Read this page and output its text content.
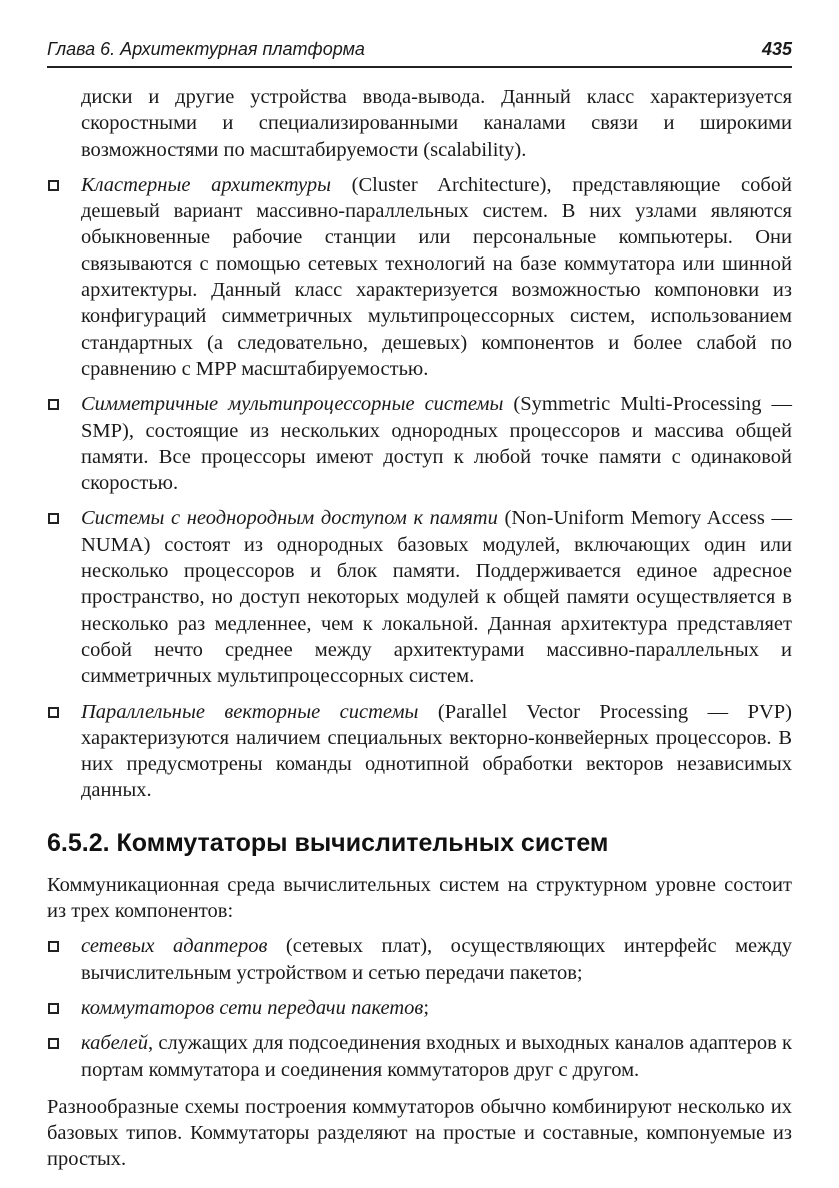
Глава 6. Архитектурная платформа	435

диски и другие устройства ввода-вывода. Данный класс характеризуется скоростными и специализированными каналами связи и широкими возможностями по масштабируемости (scalability).

Кластерные архитектуры (Cluster Architecture), представляющие собой дешевый вариант массивно-параллельных систем. В них узлами являются обыкновенные рабочие станции или персональные компьютеры. Они связываются с помощью сетевых технологий на базе коммутатора или шинной архитектуры. Данный класс характеризуется возможностью компоновки из конфигураций симметричных мультипроцессорных систем, использованием стандартных (а следовательно, дешевых) компонентов и более слабой по сравнению с MPP масштабируемостью.

Симметричные мультипроцессорные системы (Symmetric Multi-Processing — SMP), состоящие из нескольких однородных процессоров и массива общей памяти. Все процессоры имеют доступ к любой точке памяти с одинаковой скоростью.

Системы с неоднородным доступом к памяти (Non-Uniform Memory Access — NUMA) состоят из однородных базовых модулей, включающих один или несколько процессоров и блок памяти. Поддерживается единое адресное пространство, но доступ некоторых модулей к общей памяти осуществляется в несколько раз медленнее, чем к локальной. Данная архитектура представляет собой нечто среднее между архитектурами массивно-параллельных и симметричных мультипроцессорных систем.

Параллельные векторные системы (Parallel Vector Processing — PVP) характеризуются наличием специальных векторно-конвейерных процессоров. В них предусмотрены команды однотипной обработки векторов независимых данных.

6.5.2. Коммутаторы вычислительных систем

Коммуникационная среда вычислительных систем на структурном уровне состоит из трех компонентов:

сетевых адаптеров (сетевых плат), осуществляющих интерфейс между вычислительным устройством и сетью передачи пакетов;

коммутаторов сети передачи пакетов;

кабелей, служащих для подсоединения входных и выходных каналов адаптеров к портам коммутатора и соединения коммутаторов друг с другом.

Разнообразные схемы построения коммутаторов обычно комбинируют несколько их базовых типов. Коммутаторы разделяют на простые и составные, компонуемые из простых.
